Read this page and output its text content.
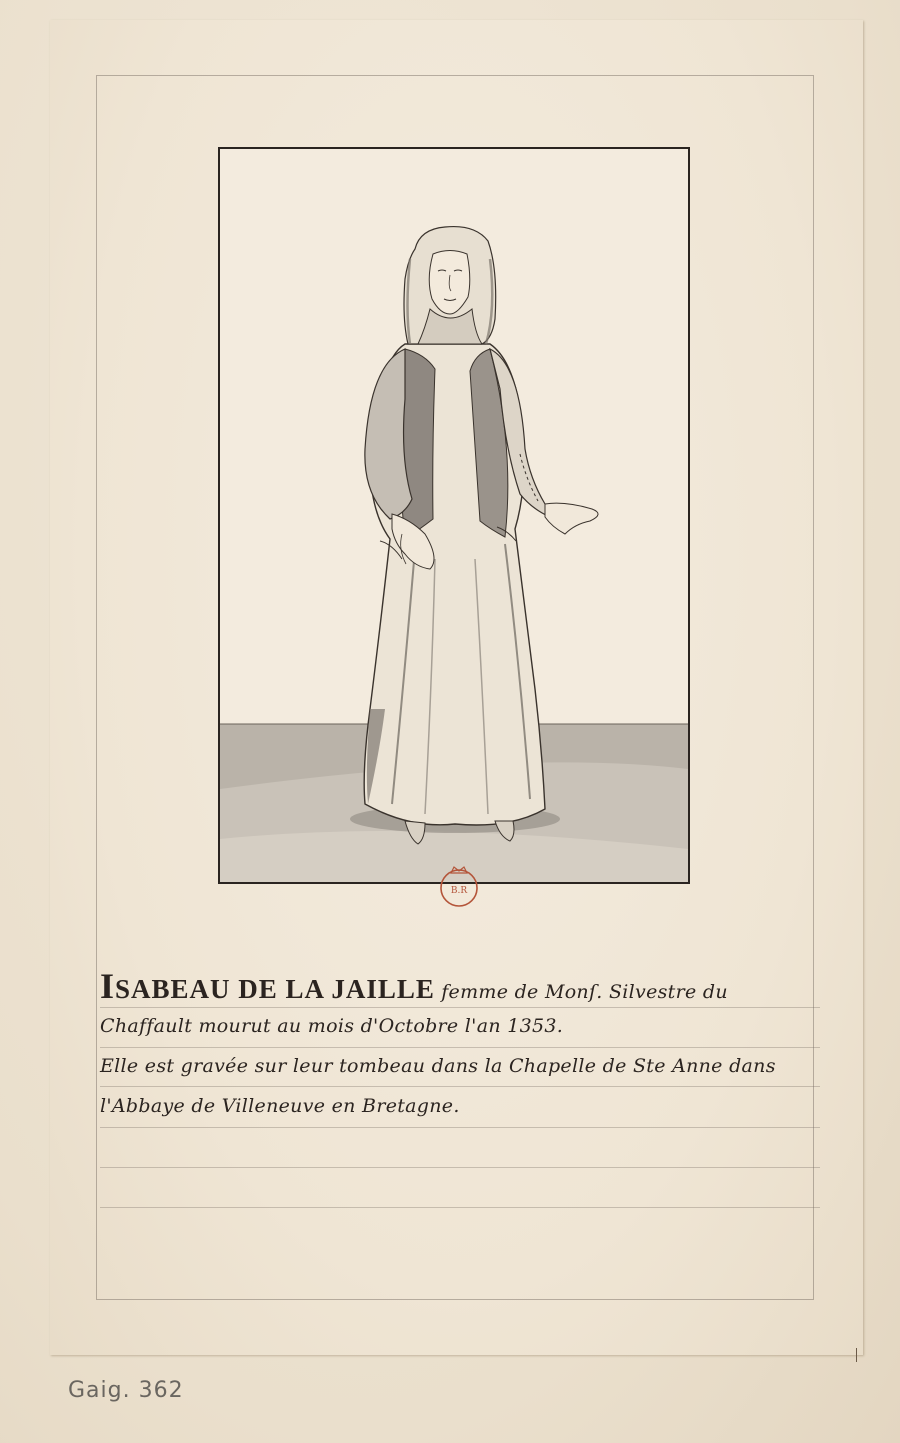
B.R
ISABEAU DE LA JAILLE femme de Monſ. Silvestre du
Chaffault mourut au mois d'Octobre l'an 1353.
Elle est gravée sur leur tombeau dans la Chapelle de Ste Anne dans
l'Abbaye de Villeneuve en Bretagne.
Gaig. 362
